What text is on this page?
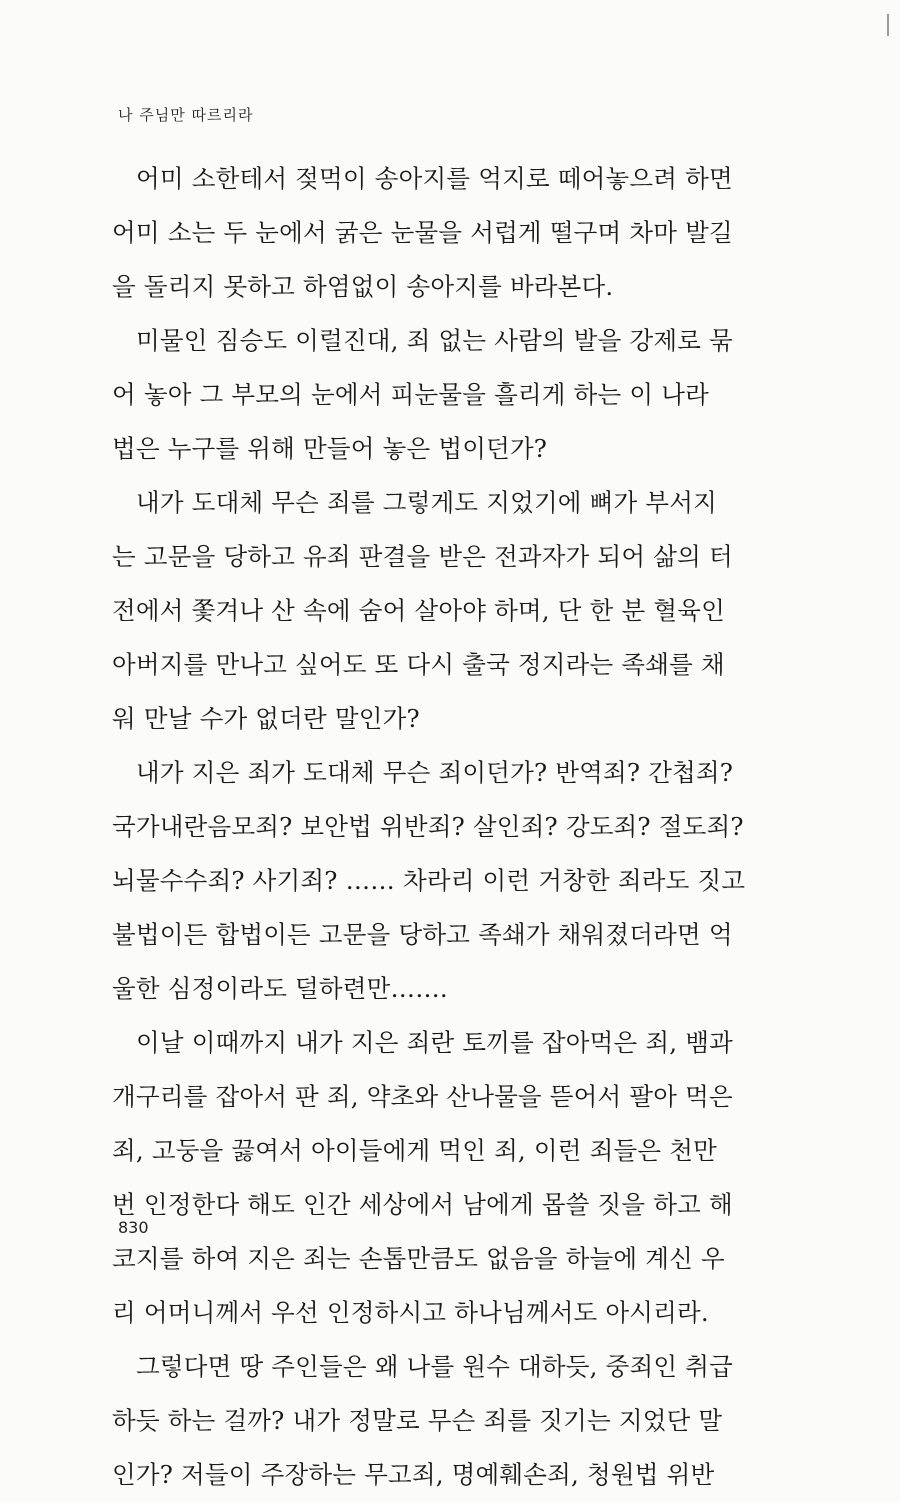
나 주님만 따르리라
어미 소한테서 젖먹이 송아지를 억지로 떼어놓으려 하면
어미 소는 두 눈에서 굵은 눈물을 서럽게 떨구며 차마 발길
을 돌리지 못하고 하염없이 송아지를 바라본다.
미물인 짐승도 이럴진대, 죄 없는 사람의 발을 강제로 묶
어 놓아 그 부모의 눈에서 피눈물을 흘리게 하는 이 나라
법은 누구를 위해 만들어 놓은 법이던가?
내가 도대체 무슨 죄를 그렇게도 지었기에 뼈가 부서지
는 고문을 당하고 유죄 판결을 받은 전과자가 되어 삶의 터
전에서 쫓겨나 산 속에 숨어 살아야 하며, 단 한 분 혈육인
아버지를 만나고 싶어도 또 다시 출국 정지라는 족쇄를 채
워 만날 수가 없더란 말인가?
내가 지은 죄가 도대체 무슨 죄이던가? 반역죄? 간첩죄?
국가내란음모죄? 보안법 위반죄? 살인죄? 강도죄? 절도죄?
뇌물수수죄? 사기죄? …… 차라리 이런 거창한 죄라도 짓고
불법이든 합법이든 고문을 당하고 족쇄가 채워졌더라면 억
울한 심정이라도 덜하련만…….
이날 이때까지 내가 지은 죄란 토끼를 잡아먹은 죄, 뱀과
개구리를 잡아서 판 죄, 약초와 산나물을 뜯어서 팔아 먹은
죄, 고둥을 끓여서 아이들에게 먹인 죄, 이런 죄들은 천만
번 인정한다 해도 인간 세상에서 남에게 몹쓸 짓을 하고 해
코지를 하여 지은 죄는 손톱만큼도 없음을 하늘에 계신 우
리 어머니께서 우선 인정하시고 하나님께서도 아시리라.
그렇다면 땅 주인들은 왜 나를 원수 대하듯, 중죄인 취급
하듯 하는 걸까? 내가 정말로 무슨 죄를 짓기는 지었단 말
인가? 저들이 주장하는 무고죄, 명예훼손죄, 청원법 위반
830
